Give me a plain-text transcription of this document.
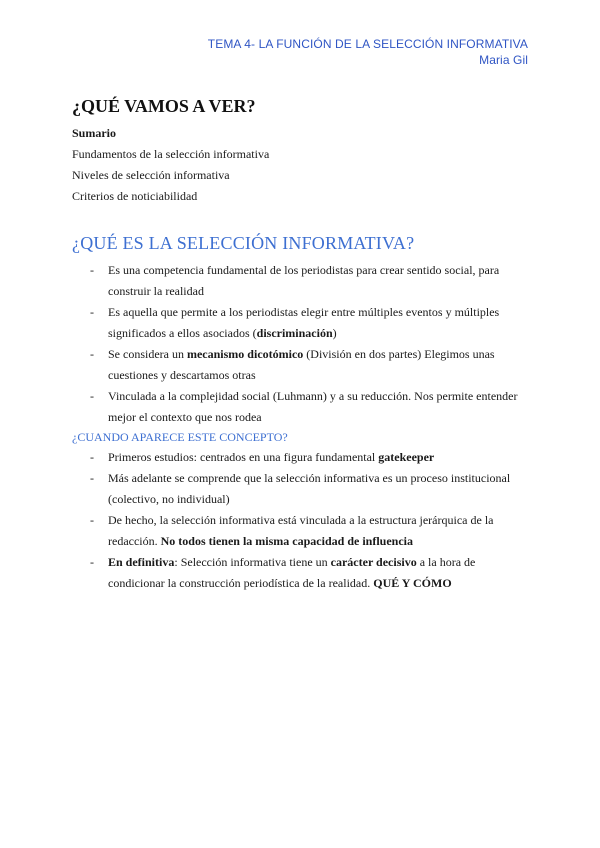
TEMA 4- LA FUNCIÓN DE LA SELECCIÓN INFORMATIVA
Maria Gil
¿QUÉ VAMOS A VER?
Sumario
Fundamentos de la selección informativa
Niveles de selección informativa
Criterios de noticiabilidad
¿QUÉ ES LA SELECCIÓN INFORMATIVA?
- Es una competencia fundamental de los periodistas para crear sentido social, para construir la realidad
- Es aquella que permite a los periodistas elegir entre múltiples eventos y múltiples significados a ellos asociados (discriminación)
- Se considera un mecanismo dicotómico (División en dos partes) Elegimos unas cuestiones y descartamos otras
- Vinculada a la complejidad social (Luhmann) y a su reducción. Nos permite entender mejor el contexto que nos rodea
¿CUANDO APARECE ESTE CONCEPTO?
- Primeros estudios: centrados en una figura fundamental gatekeeper
- Más adelante se comprende que la selección informativa es un proceso institucional (colectivo, no individual)
- De hecho, la selección informativa está vinculada a la estructura jerárquica de la redacción. No todos tienen la misma capacidad de influencia
- En definitiva: Selección informativa tiene un carácter decisivo a la hora de condicionar la construcción periodística de la realidad. QUÉ Y CÓMO
